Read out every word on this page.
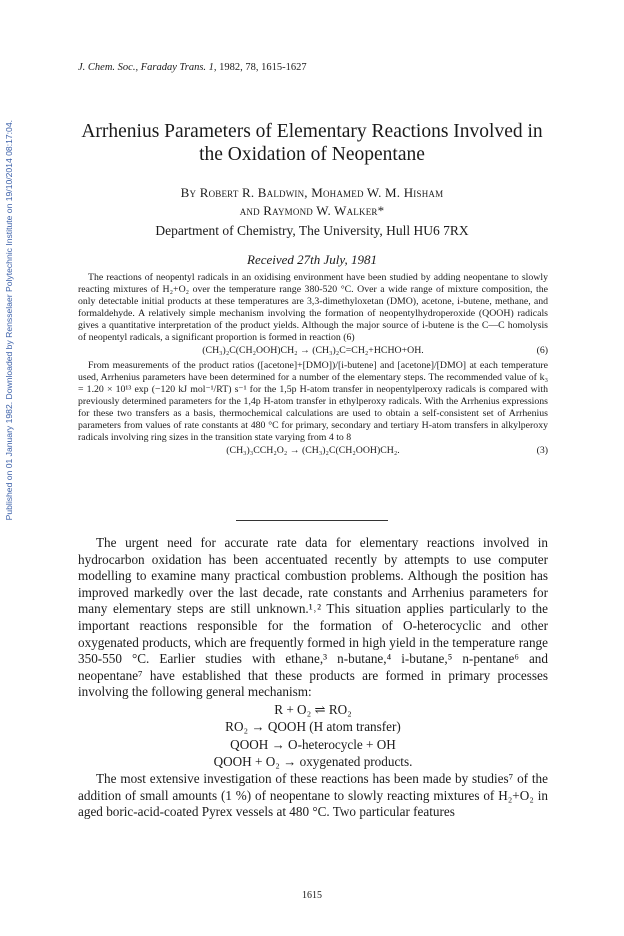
Published on 01 January 1982. Downloaded by Rensselaer Polytechnic Institute on 19/10/2014 08:17:04.
J. Chem. Soc., Faraday Trans. 1, 1982, 78, 1615-1627
Arrhenius Parameters of Elementary Reactions Involved in
the Oxidation of Neopentane
By Robert R. Baldwin, Mohamed W. M. Hisham
and Raymond W. Walker*
Department of Chemistry, The University, Hull HU6 7RX
Received 27th July, 1981

The reactions of neopentyl radicals in an oxidising environment have been studied by adding neopentane to slowly reacting mixtures of H₂+O₂ over the temperature range 380-520 °C. Over a wide range of mixture composition, the only detectable initial products at these temperatures are 3,3-dimethyloxetan (DMO), acetone, i-butene, methane, and formaldehyde. A relatively simple mechanism involving the formation of neopentylhydroperoxide (QOOH) radicals gives a quantitative interpretation of the product yields. Although the major source of i-butene is the C—C homolysis of neopentyl radicals, a significant proportion is formed in reaction (6)

(CH₃)₂C(CH₂OOH)CH₂ → (CH₃)₂C=CH₂+HCHO+OH.	(6)

From measurements of the product ratios ([acetone]+[DMO])/[i-butene] and [acetone]/[DMO] at each temperature used, Arrhenius parameters have been determined for a number of the elementary steps. The recommended value of k₃ = 1.20 × 10¹³ exp (−120 kJ mol⁻¹/RT) s⁻¹ for the 1,5p H-atom transfer in neopentylperoxy radicals is compared with previously determined parameters for the 1,4p H-atom transfer in ethylperoxy radicals. With the Arrhenius expressions for these two transfers as a basis, thermochemical calculations are used to obtain a self-consistent set of Arrhenius parameters from values of rate constants at 480 °C for primary, secondary and tertiary H-atom transfers in alkylperoxy radicals involving ring sizes in the transition state varying from 4 to 8

(CH₃)₃CCH₂O₂ → (CH₃)₂C(CH₂OOH)CH₂.	(3)

The urgent need for accurate rate data for elementary reactions involved in hydrocarbon oxidation has been accentuated recently by attempts to use computer modelling to examine many practical combustion problems. Although the position has improved markedly over the last decade, rate constants and Arrhenius parameters for many elementary steps are still unknown.¹˒² This situation applies particularly to the important reactions responsible for the formation of O-heterocyclic and other oxygenated products, which are frequently formed in high yield in the temperature range 350-550 °C. Earlier studies with ethane,³ n-butane,⁴ i-butane,⁵ n-pentane⁶ and neopentane⁷ have established that these products are formed in primary processes involving the following general mechanism:

R + O₂ ⇌ RO₂
RO₂ → QOOH (H atom transfer)
QOOH → O-heterocycle + OH
QOOH + O₂ → oxygenated products.

The most extensive investigation of these reactions has been made by studies⁷ of the addition of small amounts (1 %) of neopentane to slowly reacting mixtures of H₂+O₂ in aged boric-acid-coated Pyrex vessels at 480 °C. Two particular features

1615
